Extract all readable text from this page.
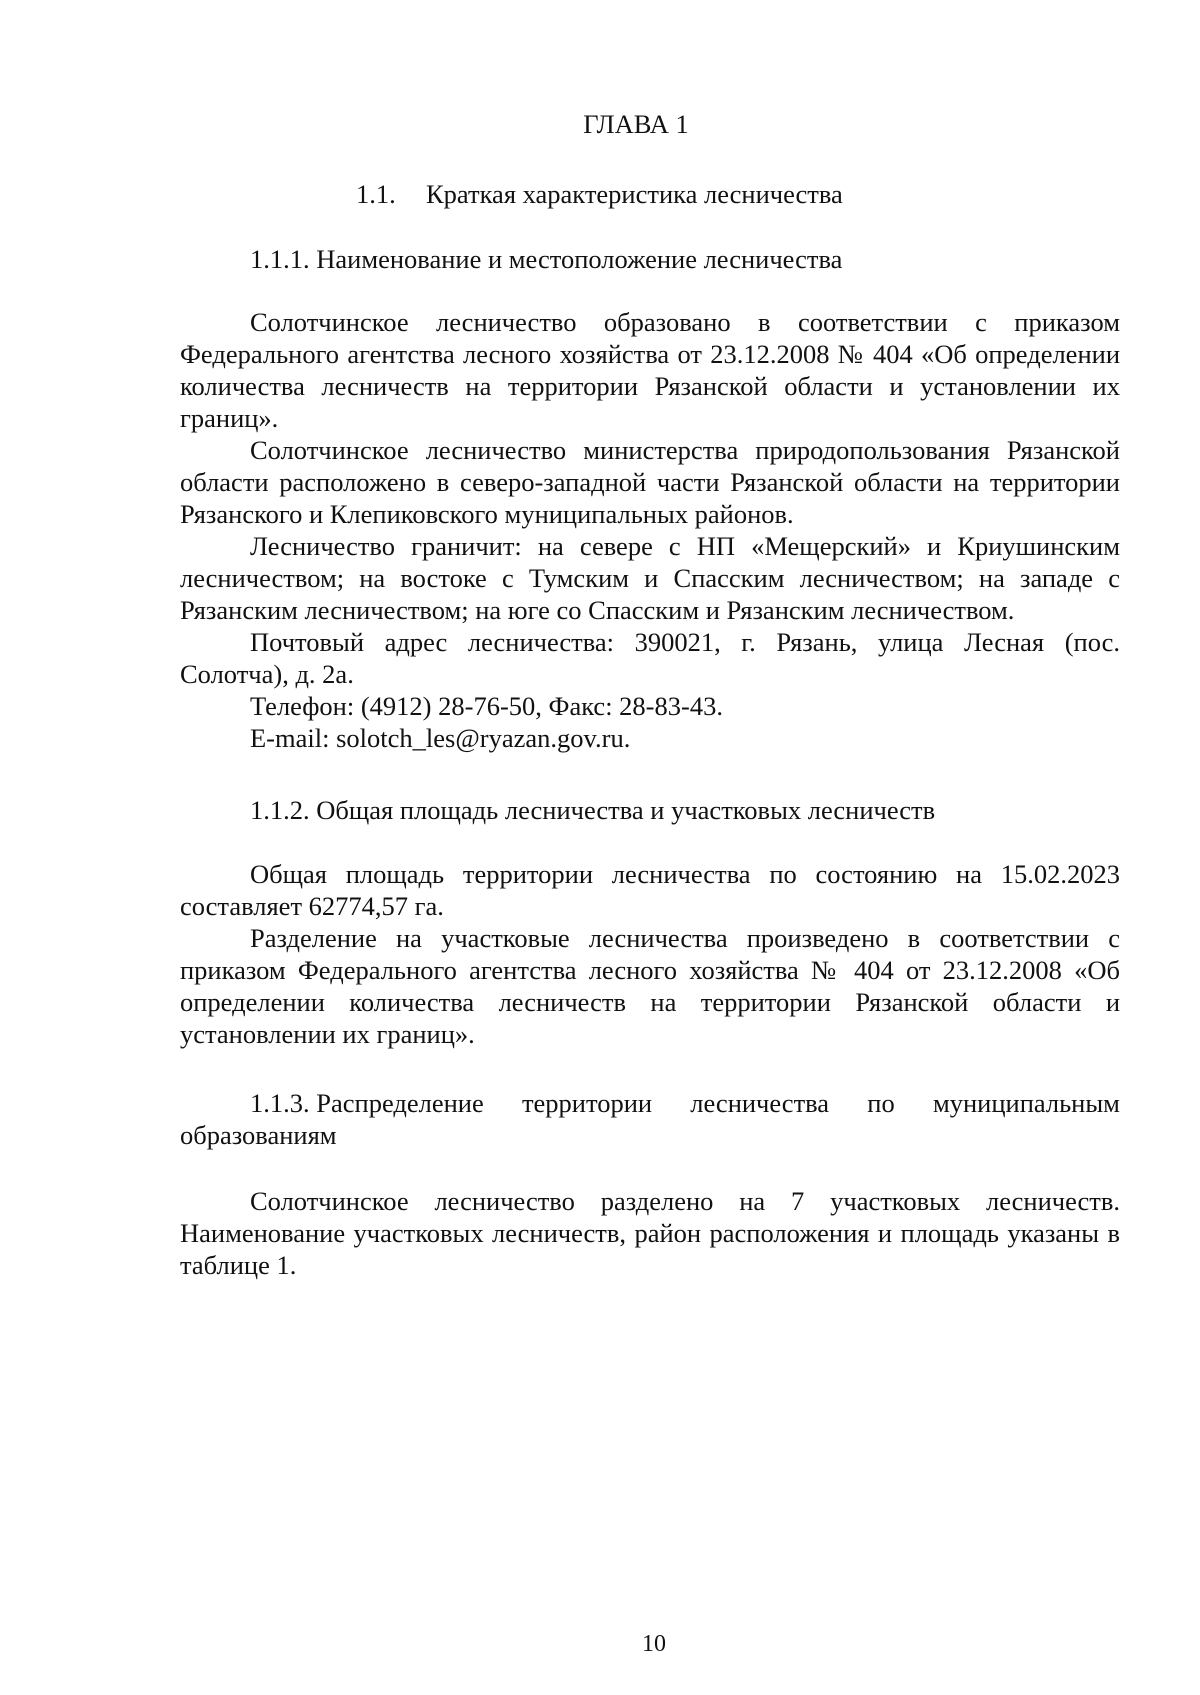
ГЛАВА 1
1.1. Краткая характеристика лесничества
1.1.1. Наименование и местоположение лесничества

Солотчинское лесничество образовано в соответствии с приказом Федерального агентства лесного хозяйства от 23.12.2008 № 404 «Об определении количества лесничеств на территории Рязанской области и установлении их границ».

Солотчинское лесничество министерства природопользования Рязанской области расположено в северо-западной части Рязанской области на территории Рязанского и Клепиковского муниципальных районов.

Лесничество граничит: на севере с НП «Мещерский» и Криушинским лесничеством; на востоке с Тумским и Спасским лесничеством; на западе с Рязанским лесничеством; на юге со Спасским и Рязанским лесничеством.

Почтовый адрес лесничества: 390021, г. Рязань, улица Лесная (пос. Солотча), д. 2а.

Телефон: (4912) 28-76-50, Факс: 28-83-43.

E-mail: solotch_les@ryazan.gov.ru.

1.1.2. Общая площадь лесничества и участковых лесничеств

Общая площадь территории лесничества по состоянию на 15.02.2023 составляет 62774,57 га.

Разделение на участковые лесничества произведено в соответствии с приказом Федерального агентства лесного хозяйства № 404 от 23.12.2008 «Об определении количества лесничеств на территории Рязанской области и установлении их границ».

1.1.3. Распределение территории лесничества по муниципальным
образованиям

Солотчинское лесничество разделено на 7 участковых лесничеств. Наименование участковых лесничеств, район расположения и площадь указаны в таблице 1.

10
